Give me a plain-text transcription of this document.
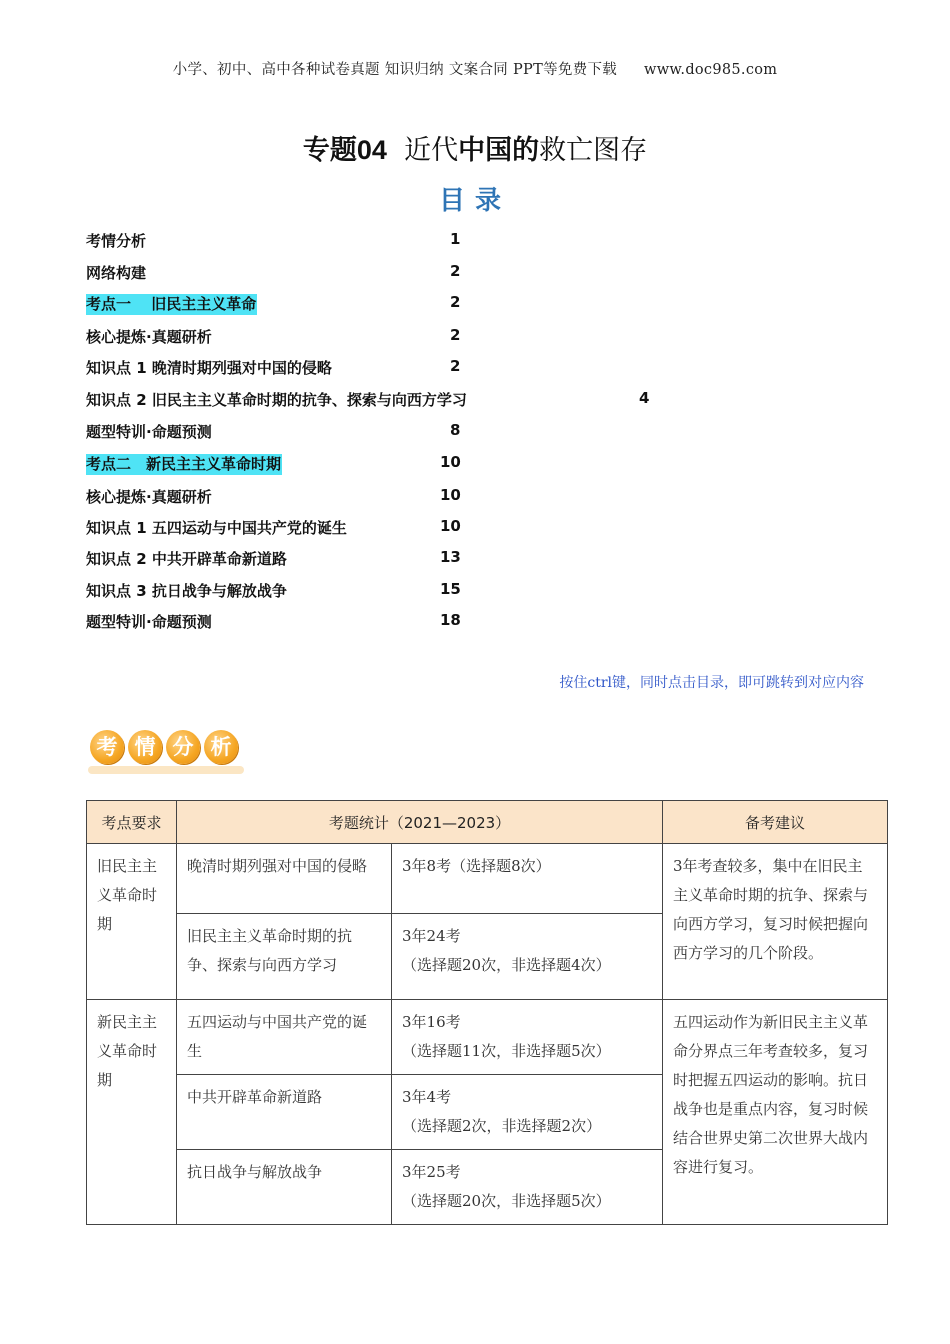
小学、初中、高中各种试卷真题 知识归纳 文案合同 PPT等免费下载 www.doc985.com
专题04 近代中国的救亡图存
目录
考情分析	1
网络构建	2
考点一　 旧民主主义革命	2
核心提炼·真题研析	2
知识点 1 晚清时期列强对中国的侵略	2
知识点 2 旧民主主义革命时期的抗争、探索与向西方学习	4
题型特训·命题预测	8
考点二　新民主主义革命时期	10
核心提炼·真题研析	10
知识点 1 五四运动与中国共产党的诞生	10
知识点 2 中共开辟革命新道路	13
知识点 3 抗日战争与解放战争	15
题型特训·命题预测	18
按住ctrl键，同时点击目录，即可跳转到对应内容
考 情 分 析
考点要求	考题统计（2021—2023）		备考建议
旧民主主义革命时期	晚清时期列强对中国的侵略	3年8考（选择题8次）	3年考查较多，集中在旧民主主义革命时期的抗争、探索与向西方学习，复习时候把握向西方学习的几个阶段。
	旧民主主义革命时期的抗争、探索与向西方学习	3年24考
（选择题20次，非选择题4次）	

新民主主义革命时期	五四运动与中国共产党的诞生	3年16考
（选择题11次，非选择题5次）	五四运动作为新旧民主主义革命分界点三年考查较多，复习时把握五四运动的影响。抗日战争也是重点内容，复习时候结合世界史第二次世界大战内容进行复习。
	中共开辟革命新道路	3年4考
（选择题2次，非选择题2次）	

	抗日战争与解放战争	3年25考
（选择题20次，非选择题5次）	
